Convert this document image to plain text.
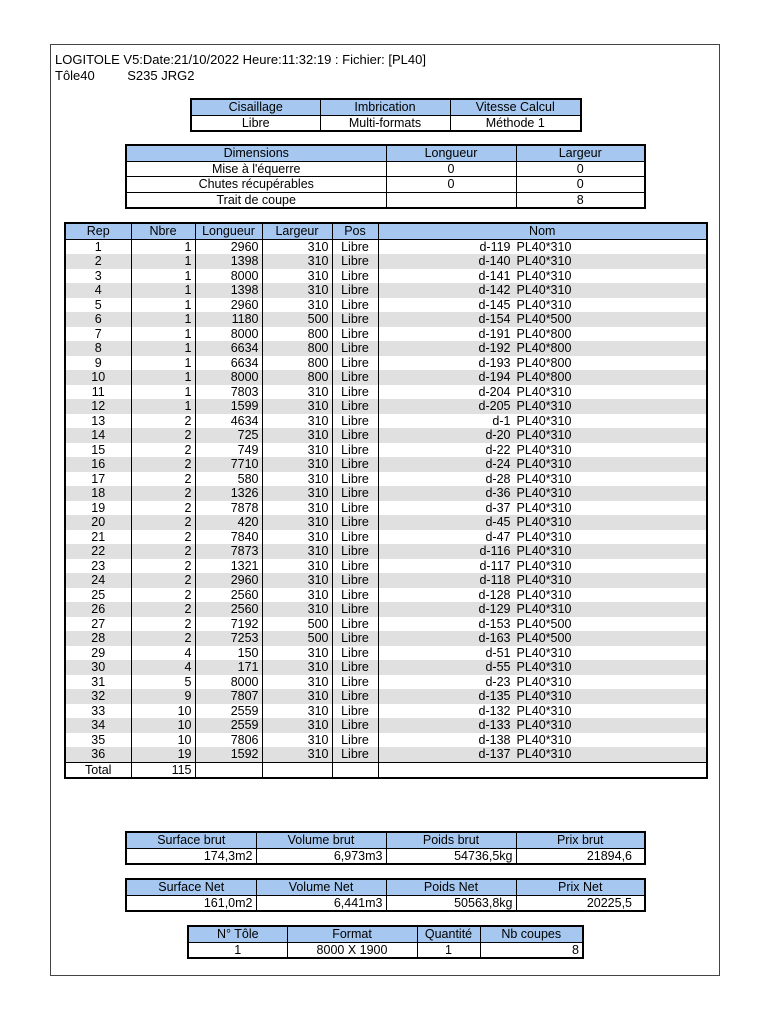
LOGITOLE V5:Date:21/10/2022 Heure:11:32:19 : Fichier: [PL40]
Tôle40         S235 JRG2
Cisaillage	Imbrication	Vitesse Calcul
Libre	Multi-formats	Méthode 1
Dimensions	Longueur	Largeur
Mise à l'équerre	0	0
Chutes récupérables	0	0
Trait de coupe		8
Rep	Nbre	Longueur	Largeur	Pos	Nom
1	1	2960	310	Libre	d-119 PL40*310
2	1	1398	310	Libre	d-140 PL40*310
3	1	8000	310	Libre	d-141 PL40*310
4	1	1398	310	Libre	d-142 PL40*310
5	1	2960	310	Libre	d-145 PL40*310
6	1	1180	500	Libre	d-154 PL40*500
7	1	8000	800	Libre	d-191 PL40*800
8	1	6634	800	Libre	d-192 PL40*800
9	1	6634	800	Libre	d-193 PL40*800
10	1	8000	800	Libre	d-194 PL40*800
11	1	7803	310	Libre	d-204 PL40*310
12	1	1599	310	Libre	d-205 PL40*310
13	2	4634	310	Libre	d-1 PL40*310
14	2	725	310	Libre	d-20 PL40*310
15	2	749	310	Libre	d-22 PL40*310
16	2	7710	310	Libre	d-24 PL40*310
17	2	580	310	Libre	d-28 PL40*310
18	2	1326	310	Libre	d-36 PL40*310
19	2	7878	310	Libre	d-37 PL40*310
20	2	420	310	Libre	d-45 PL40*310
21	2	7840	310	Libre	d-47 PL40*310
22	2	7873	310	Libre	d-116 PL40*310
23	2	1321	310	Libre	d-117 PL40*310
24	2	2960	310	Libre	d-118 PL40*310
25	2	2560	310	Libre	d-128 PL40*310
26	2	2560	310	Libre	d-129 PL40*310
27	2	7192	500	Libre	d-153 PL40*500
28	2	7253	500	Libre	d-163 PL40*500
29	4	150	310	Libre	d-51 PL40*310
30	4	171	310	Libre	d-55 PL40*310
31	5	8000	310	Libre	d-23 PL40*310
32	9	7807	310	Libre	d-135 PL40*310
33	10	2559	310	Libre	d-132 PL40*310
34	10	2559	310	Libre	d-133 PL40*310
35	10	7806	310	Libre	d-138 PL40*310
36	19	1592	310	Libre	d-137 PL40*310
Total	115				
Surface brut	Volume brut	Poids brut	Prix brut
174,3m2	6,973m3	54736,5kg	21894,6
Surface Net	Volume Net	Poids Net	Prix Net
161,0m2	6,441m3	50563,8kg	20225,5
N° Tôle	Format	Quantité	Nb coupes
1	8000 X 1900	1	8
